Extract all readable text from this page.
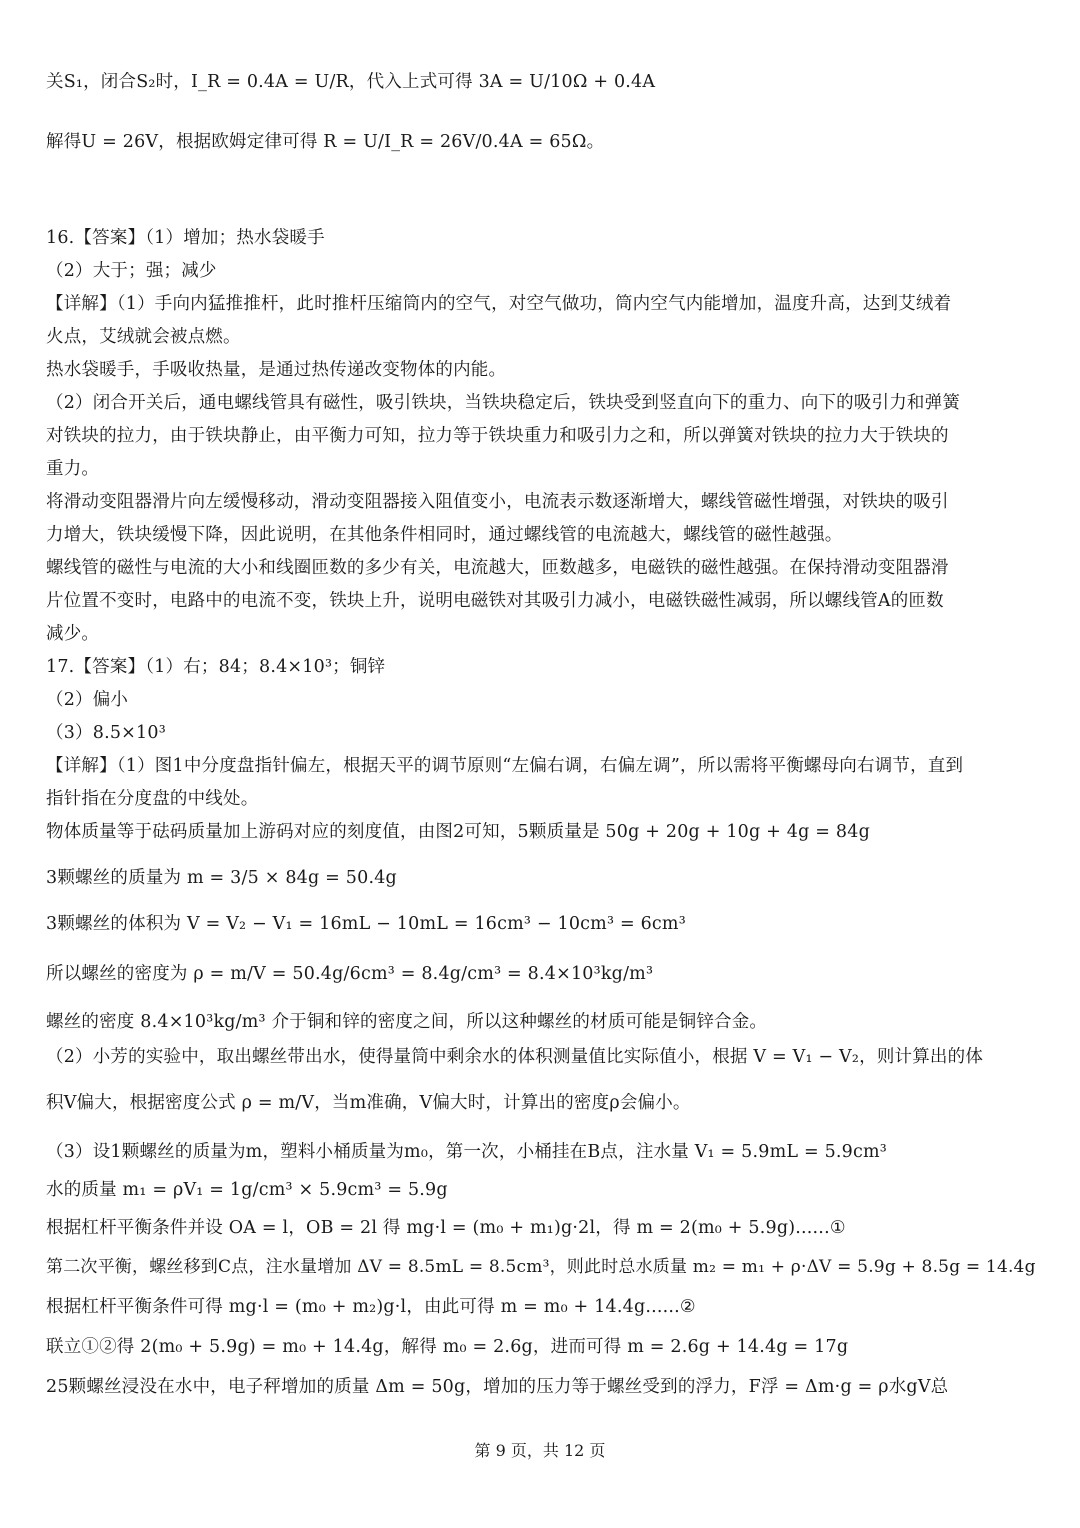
关S₁，闭合S₂时，I_R = 0.4A = U/R，代入上式可得 3A = U/10Ω + 0.4A
解得U = 26V，根据欧姆定律可得 R = U/I_R = 26V/0.4A = 65Ω。
16.【答案】（1）增加；热水袋暖手
（2）大于；强；减少
【详解】（1）手向内猛推推杆，此时推杆压缩筒内的空气，对空气做功，筒内空气内能增加，温度升高，达到艾绒着
火点，艾绒就会被点燃。
热水袋暖手，手吸收热量，是通过热传递改变物体的内能。
（2）闭合开关后，通电螺线管具有磁性，吸引铁块，当铁块稳定后，铁块受到竖直向下的重力、向下的吸引力和弹簧
对铁块的拉力，由于铁块静止，由平衡力可知，拉力等于铁块重力和吸引力之和，所以弹簧对铁块的拉力大于铁块的
重力。
将滑动变阻器滑片向左缓慢移动，滑动变阻器接入阻值变小，电流表示数逐渐增大，螺线管磁性增强，对铁块的吸引
力增大，铁块缓慢下降，因此说明，在其他条件相同时，通过螺线管的电流越大，螺线管的磁性越强。
螺线管的磁性与电流的大小和线圈匝数的多少有关，电流越大，匝数越多，电磁铁的磁性越强。在保持滑动变阻器滑
片位置不变时，电路中的电流不变，铁块上升，说明电磁铁对其吸引力减小，电磁铁磁性减弱，所以螺线管A的匝数
减少。
17.【答案】（1）右；84；8.4×10³；铜锌
（2）偏小
（3）8.5×10³
【详解】（1）图1中分度盘指针偏左，根据天平的调节原则“左偏右调，右偏左调”，所以需将平衡螺母向右调节，直到
指针指在分度盘的中线处。
物体质量等于砝码质量加上游码对应的刻度值，由图2可知，5颗质量是 50g + 20g + 10g + 4g = 84g
3颗螺丝的质量为 m = 3/5 × 84g = 50.4g
3颗螺丝的体积为 V = V₂ − V₁ = 16mL − 10mL = 16cm³ − 10cm³ = 6cm³
所以螺丝的密度为 ρ = m/V = 50.4g/6cm³ = 8.4g/cm³ = 8.4×10³kg/m³
螺丝的密度 8.4×10³kg/m³ 介于铜和锌的密度之间，所以这种螺丝的材质可能是铜锌合金。
（2）小芳的实验中，取出螺丝带出水，使得量筒中剩余水的体积测量值比实际值小，根据 V = V₁ − V₂，则计算出的体
积V偏大，根据密度公式 ρ = m/V，当m准确，V偏大时，计算出的密度ρ会偏小。
（3）设1颗螺丝的质量为m，塑料小桶质量为m₀，第一次，小桶挂在B点，注水量 V₁ = 5.9mL = 5.9cm³
水的质量 m₁ = ρV₁ = 1g/cm³ × 5.9cm³ = 5.9g
根据杠杆平衡条件并设 OA = l，OB = 2l 得 mg·l = (m₀ + m₁)g·2l，得 m = 2(m₀ + 5.9g)......①
第二次平衡，螺丝移到C点，注水量增加 ΔV = 8.5mL = 8.5cm³，则此时总水质量 m₂ = m₁ + ρ·ΔV = 5.9g + 8.5g = 14.4g
根据杠杆平衡条件可得 mg·l = (m₀ + m₂)g·l，由此可得 m = m₀ + 14.4g......②
联立①②得 2(m₀ + 5.9g) = m₀ + 14.4g，解得 m₀ = 2.6g，进而可得 m = 2.6g + 14.4g = 17g
25颗螺丝浸没在水中，电子秤增加的质量 Δm = 50g，增加的压力等于螺丝受到的浮力，F浮 = Δm·g = ρ水gV总
第 9 页，共 12 页
